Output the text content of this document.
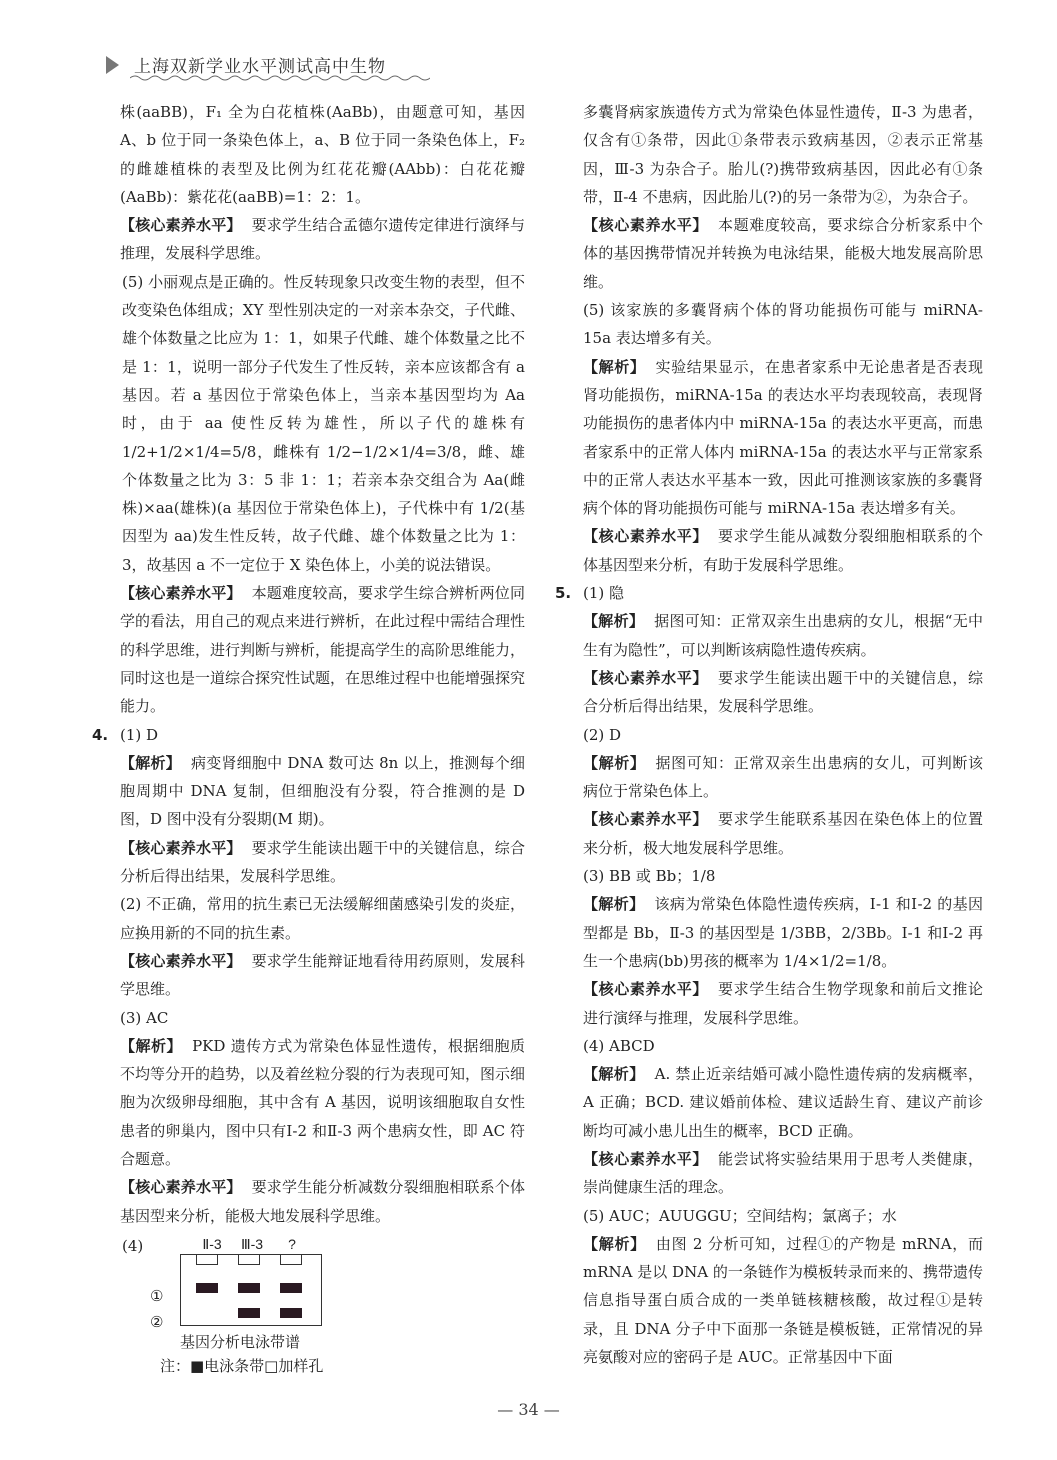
上海双新学业水平测试高中生物

株(aaBB)，F₁ 全为白花植株(AaBb)，由题意可知，基因A、b 位于同一条染色体上，a、B 位于同一条染色体上，F₂ 的雌雄植株的表型及比例为红花花瓣(AAbb)：白花花瓣(AaBb)：紫花花(aaBB)=1：2：1。

【核心素养水平】 要求学生结合孟德尔遗传定律进行演绎与推理，发展科学思维。

(5) 小丽观点是正确的。性反转现象只改变生物的表型，但不改变染色体组成；XY 型性别决定的一对亲本杂交，子代雌、雄个体数量之比应为 1：1，如果子代雌、雄个体数量之比不是 1：1，说明一部分子代发生了性反转，亲本应该都含有 a 基因。若 a 基因位于常染色体上，当亲本基因型均为 Aa 时，由于 aa 使性反转为雄性，所以子代的雄株有 1/2+1/2×1/4=5/8，雌株有 1/2−1/2×1/4=3/8，雌、雄个体数量之比为 3：5 非 1：1；若亲本杂交组合为 Aa(雌株)×aa(雄株)(a 基因位于常染色体上)，子代株中有 1/2(基因型为 aa)发生性反转，故子代雌、雄个体数量之比为 1：3，故基因 a 不一定位于 X 染色体上，小美的说法错误。

【核心素养水平】 本题难度较高，要求学生综合辨析两位同学的看法，用自己的观点来进行辨析，在此过程中需结合理性的科学思维，进行判断与辨析，能提高学生的高阶思维能力，同时这也是一道综合探究性试题，在思维过程中也能增强探究能力。

4. (1) D

【解析】 病变肾细胞中 DNA 数可达 8n 以上，推测每个细胞周期中 DNA 复制，但细胞没有分裂，符合推测的是 D 图，D 图中没有分裂期(M 期)。

【核心素养水平】 要求学生能读出题干中的关键信息，综合分析后得出结果，发展科学思维。

(2) 不正确，常用的抗生素已无法缓解细菌感染引发的炎症，应换用新的不同的抗生素。

【核心素养水平】 要求学生能辩证地看待用药原则，发展科学思维。

(3) AC

【解析】 PKD 遗传方式为常染色体显性遗传，根据细胞质不均等分开的趋势，以及着丝粒分裂的行为表现可知，图示细胞为次级卵母细胞，其中含有 A 基因，说明该细胞取自女性患者的卵巢内，图中只有Ⅰ-2 和Ⅱ-3 两个患病女性，即 AC 符合题意。

【核心素养水平】 要求学生能分析减数分裂细胞相联系个体基因型来分析，能极大地发展科学思维。

(4)	Ⅱ-3 Ⅲ-3 ?
①
②
基因分析电泳带谱
注：■电泳条带□加样孔

多囊肾病家族遗传方式为常染色体显性遗传，Ⅱ-3 为患者，仅含有①条带，因此①条带表示致病基因，②表示正常基因，Ⅲ-3 为杂合子。胎儿(?)携带致病基因，因此必有①条带，Ⅱ-4 不患病，因此胎儿(?)的另一条带为②，为杂合子。

【核心素养水平】 本题难度较高，要求综合分析家系中个体的基因携带情况并转换为电泳结果，能极大地发展高阶思维。

(5) 该家族的多囊肾病个体的肾功能损伤可能与 miRNA-15a 表达增多有关。

【解析】 实验结果显示，在患者家系中无论患者是否表现肾功能损伤，miRNA-15a 的表达水平均表现较高，表现肾功能损伤的患者体内中 miRNA-15a 的表达水平更高，而患者家系中的正常人体内 miRNA-15a 的表达水平与正常家系中的正常人表达水平基本一致，因此可推测该家族的多囊肾病个体的肾功能损伤可能与 miRNA-15a 表达增多有关。

【核心素养水平】 要求学生能从减数分裂细胞相联系的个体基因型来分析，有助于发展科学思维。

5. (1) 隐

【解析】 据图可知：正常双亲生出患病的女儿，根据“无中生有为隐性”，可以判断该病隐性遗传疾病。

【核心素养水平】 要求学生能读出题干中的关键信息，综合分析后得出结果，发展科学思维。

(2) D

【解析】 据图可知：正常双亲生出患病的女儿，可判断该病位于常染色体上。

【核心素养水平】 要求学生能联系基因在染色体上的位置来分析，极大地发展科学思维。

(3) BB 或 Bb；1/8

【解析】 该病为常染色体隐性遗传疾病，Ⅰ-1 和Ⅰ-2 的基因型都是 Bb，Ⅱ-3 的基因型是 1/3BB，2/3Bb。Ⅰ-1 和Ⅰ-2 再生一个患病(bb)男孩的概率为 1/4×1/2=1/8。

【核心素养水平】 要求学生结合生物学现象和前后文推论进行演绎与推理，发展科学思维。

(4) ABCD

【解析】 A. 禁止近亲结婚可减小隐性遗传病的发病概率，A 正确；BCD. 建议婚前体检、建议适龄生育、建议产前诊断均可减小患儿出生的概率，BCD 正确。

【核心素养水平】 能尝试将实验结果用于思考人类健康，崇尚健康生活的理念。

(5) AUC；AUUGGU；空间结构；氯离子；水

【解析】 由图 2 分析可知，过程①的产物是 mRNA，而 mRNA 是以 DNA 的一条链作为模板转录而来的、携带遗传信息指导蛋白质合成的一类单链核糖核酸，故过程①是转录，且 DNA 分子中下面那一条链是模板链，正常情况的异亮氨酸对应的密码子是 AUC。正常基因中下面

— 34 —
